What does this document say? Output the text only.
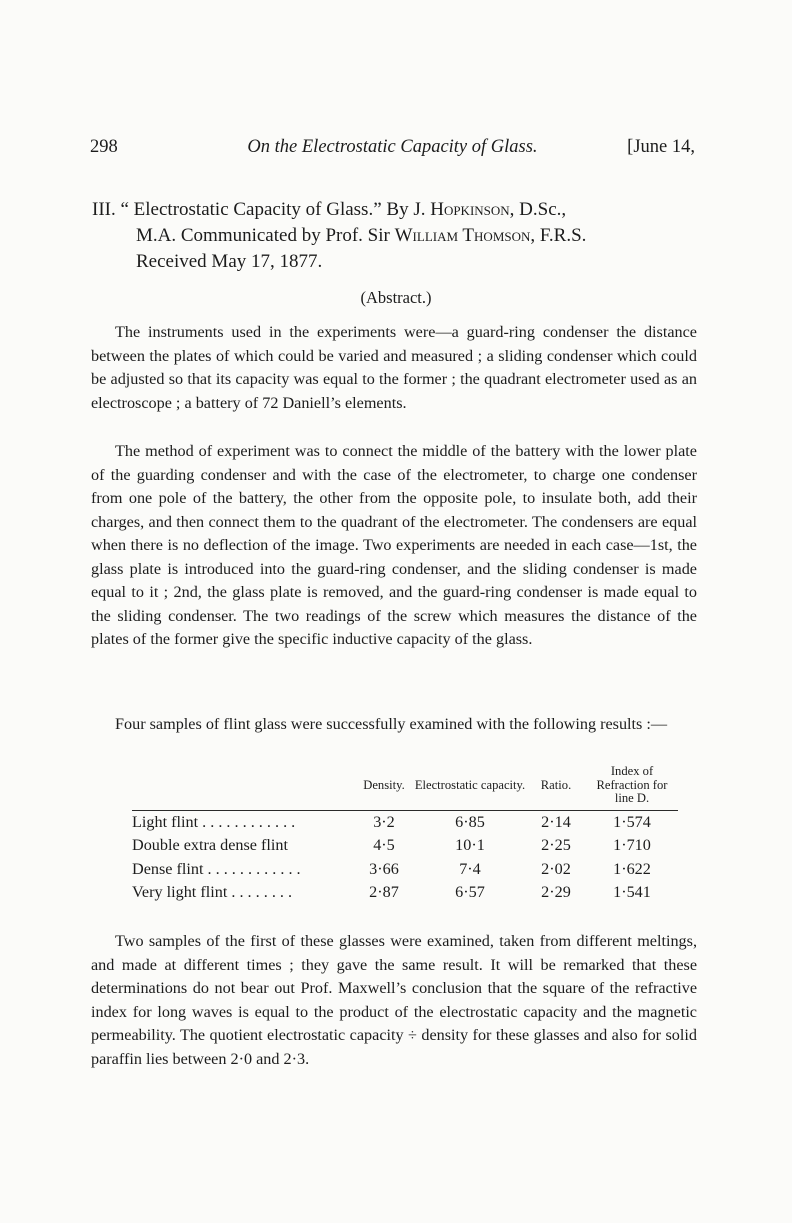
298	On the Electrostatic Capacity of Glass.	[June 14,
III. “ Electrostatic Capacity of Glass.” By J. Hopkinson, D.Sc.,
M.A. Communicated by Prof. Sir William Thomson, F.R.S.
Received May 17, 1877.
(Abstract.)

The instruments used in the experiments were—a guard-ring condenser the distance between the plates of which could be varied and measured ; a sliding condenser which could be adjusted so that its capacity was equal to the former ; the quadrant electrometer used as an electroscope ; a battery of 72 Daniell’s elements.

The method of experiment was to connect the middle of the battery with the lower plate of the guarding condenser and with the case of the electrometer, to charge one condenser from one pole of the battery, the other from the opposite pole, to insulate both, add their charges, and then connect them to the quadrant of the electrometer. The condensers are equal when there is no deflection of the image. Two experiments are needed in each case—1st, the glass plate is introduced into the guard-ring condenser, and the sliding condenser is made equal to it ; 2nd, the glass plate is removed, and the guard-ring condenser is made equal to the sliding condenser. The two readings of the screw which measures the distance of the plates of the former give the specific inductive capacity of the glass.

Four samples of flint glass were successfully examined with the following results :—

	Density.	Electrostatic capacity.	Ratio.	Index of Refraction for line D.
Light flint . . . . . . . . . . . .	3·2	6·85	2·14	1·574
Double extra dense flint	4·5	10·1	2·25	1·710
Dense flint . . . . . . . . . . . .	3·66	7·4	2·02	1·622
Very light flint . . . . . . . .	2·87	6·57	2·29	1·541

Two samples of the first of these glasses were examined, taken from different meltings, and made at different times ; they gave the same result. It will be remarked that these determinations do not bear out Prof. Maxwell’s conclusion that the square of the refractive index for long waves is equal to the product of the electrostatic capacity and the magnetic permeability. The quotient electrostatic capacity ÷ density for these glasses and also for solid paraffin lies between 2·0 and 2·3.
